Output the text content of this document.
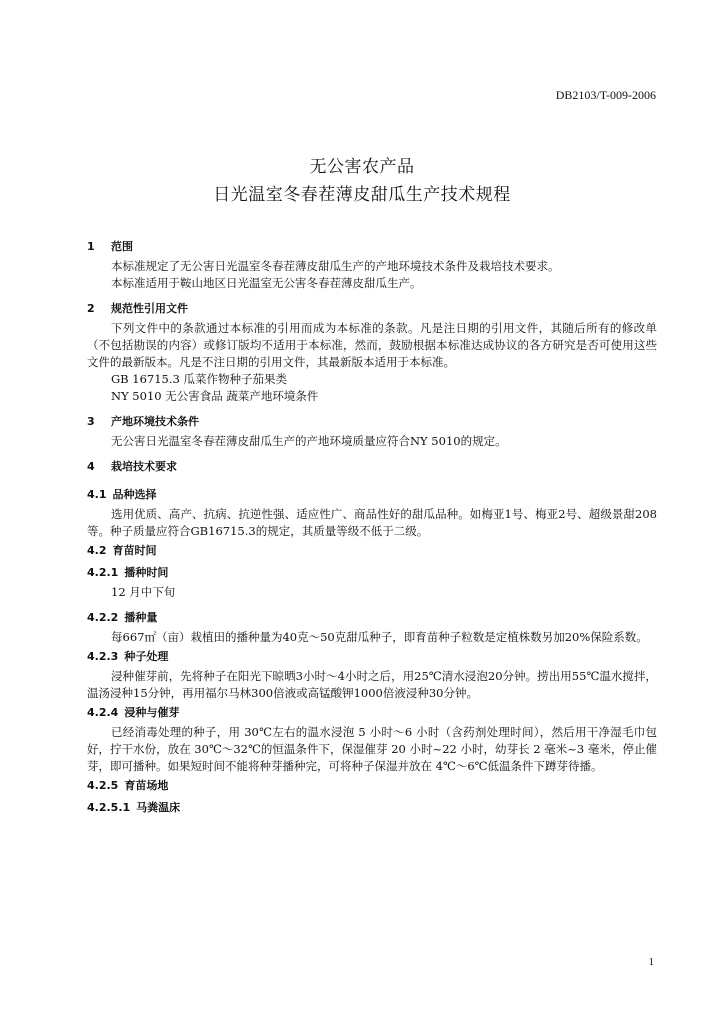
DB2103/T-009-2006
无公害农产品
日光温室冬春茬薄皮甜瓜生产技术规程
1 范围

本标准规定了无公害日光温室冬春茬薄皮甜瓜生产的产地环境技术条件及栽培技术要求。

本标准适用于鞍山地区日光温室无公害冬春茬薄皮甜瓜生产。

2 规范性引用文件

下列文件中的条款通过本标准的引用而成为本标准的条款。凡是注日期的引用文件，其随后所有的修改单（不包括勘误的内容）或修订版均不适用于本标准，然而，鼓励根据本标准达成协议的各方研究是否可使用这些文件的最新版本。凡是不注日期的引用文件，其最新版本适用于本标准。

GB 16715.3 瓜菜作物种子茄果类

NY 5010 无公害食品 蔬菜产地环境条件

3 产地环境技术条件

无公害日光温室冬春茬薄皮甜瓜生产的产地环境质量应符合NY 5010的规定。

4 栽培技术要求
4.1 品种选择

选用优质、高产、抗病、抗逆性强、适应性广、商品性好的甜瓜品种。如梅亚1号、梅亚2号、超级景甜208等。种子质量应符合GB16715.3的规定，其质量等级不低于二级。

4.2 育苗时间
4.2.1 播种时间

12 月中下旬

4.2.2 播种量

每667㎡（亩）栽植田的播种量为40克～50克甜瓜种子，即育苗种子粒数是定植株数另加20%保险系数。

4.2.3 种子处理

浸种催芽前，先将种子在阳光下晾晒3小时～4小时之后，用25℃清水浸泡20分钟。捞出用55℃温水搅拌，温汤浸种15分钟，再用福尔马林300倍液或高锰酸钾1000倍液浸种30分钟。

4.2.4 浸种与催芽

已经消毒处理的种子，用 30℃左右的温水浸泡 5 小时～6 小时（含药剂处理时间），然后用干净湿毛巾包好，拧干水份，放在 30℃～32℃的恒温条件下，保湿催芽 20 小时~22 小时，幼芽长 2 毫米~3 毫米，停止催芽，即可播种。如果短时间不能将种芽播种完，可将种子保湿并放在 4℃～6℃低温条件下蹲芽待播。

4.2.5 育苗场地
4.2.5.1 马粪温床
1
